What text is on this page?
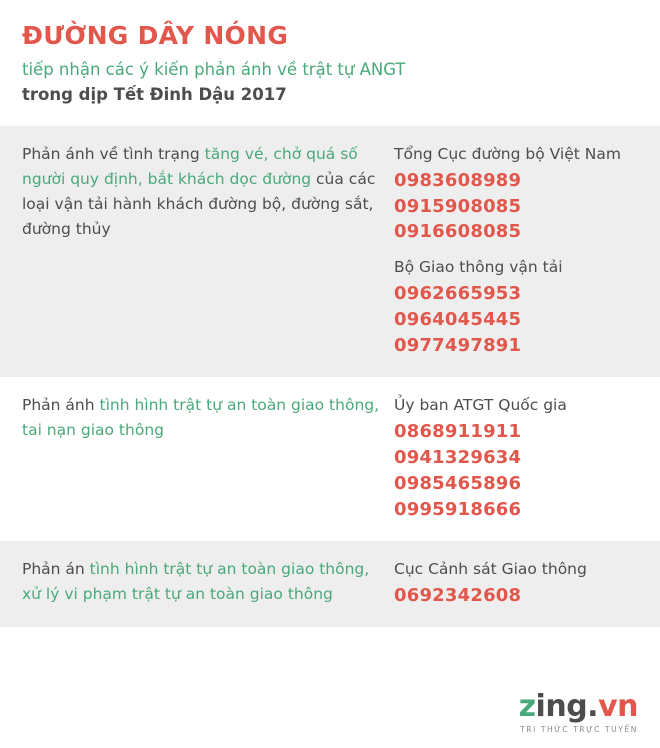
ĐƯỜNG DÂY NÓNG

tiếp nhận các ý kiến phản ánh về trật tự ANGT

trong dịp Tết Đinh Dậu 2017

Phản ánh về tình trạng tăng vé, chở quá số người quy định, bắt khách dọc đường của các loại vận tải hành khách đường bộ, đường sắt, đường thủy

Tổng Cục đường bộ Việt Nam

0983608989

0915908085

0916608085

Bộ Giao thông vận tải

0962665953

0964045445

0977497891

Phản ánh tình hình trật tự an toàn giao thông, tai nạn giao thông

Ủy ban ATGT Quốc gia

0868911911

0941329634

0985465896

0995918666

Phản án tình hình trật tự an toàn giao thông, xử lý vi phạm trật tự an toàn giao thông

Cục Cảnh sát Giao thông

0692342608

zing.vn
TRI THỨC TRỰC TUYẾN
